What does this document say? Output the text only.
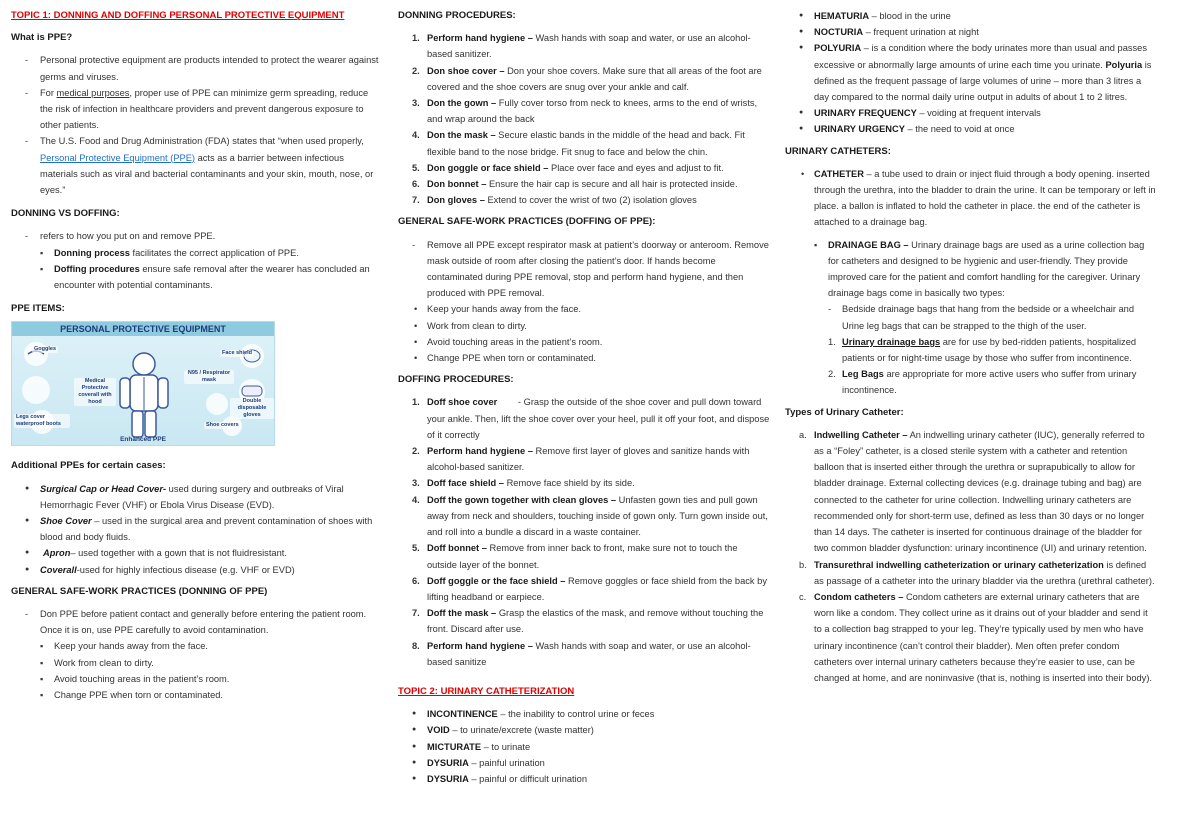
TOPIC 1: DONNING AND DOFFING PERSONAL PROTECTIVE EQUIPMENT
What is PPE?
- Personal protective equipment are products intended to protect the wearer against germs and viruses.
- For medical purposes, proper use of PPE can minimize germ spreading, reduce the risk of infection in healthcare providers and prevent dangerous exposure to other patients.
- The U.S. Food and Drug Administration (FDA) states that “when used properly, Personal Protective Equipment (PPE) acts as a barrier between infectious materials such as viral and bacterial contaminants and your skin, mouth, nose, or eyes.”
DONNING VS DOFFING:
- refers to how you put on and remove PPE.
▪ Donning process facilitates the correct application of PPE.
▪ Doffing procedures ensure safe removal after the wearer has concluded an encounter with potential contaminants.
PPE ITEMS:
PERSONAL PROTECTIVE EQUIPMENT
Goggles
Face shield
Medical Protective coverall with hood
N95 / Respirator mask
Double disposable gloves
Legs cover waterproof boots	Shoe covers
Enhanced PPE
Additional PPEs for certain cases:
● Surgical Cap or Head Cover- used during surgery and outbreaks of Viral Hemorrhagic Fever (VHF) or Ebola Virus Disease (EVD).
● Shoe Cover – used in the surgical area and prevent contamination of shoes with blood and body fluids.
● Apron– used together with a gown that is not fluidresistant.
● Coverall-used for highly infectious disease (e.g. VHF or EVD)
GENERAL SAFE-WORK PRACTICES (DONNING OF PPE)
- Don PPE before patient contact and generally before entering the patient room. Once it is on, use PPE carefully to avoid contamination.
▪ Keep your hands away from the face.
▪ Work from clean to dirty.
▪ Avoid touching areas in the patient’s room.
▪ Change PPE when torn or contaminated.
DONNING PROCEDURES:
1. Perform hand hygiene – Wash hands with soap and water, or use an alcohol-based sanitizer.
2. Don shoe cover – Don your shoe covers. Make sure that all areas of the foot are covered and the shoe covers are snug over your ankle and calf.
3. Don the gown – Fully cover torso from neck to knees, arms to the end of wrists, and wrap around the back
4. Don the mask – Secure elastic bands in the middle of the head and back. Fit flexible band to the nose bridge. Fit snug to face and below the chin.
5. Don goggle or face shield – Place over face and eyes and adjust to fit.
6. Don bonnet – Ensure the hair cap is secure and all hair is protected inside.
7. Don gloves – Extend to cover the wrist of two (2) isolation gloves
GENERAL SAFE-WORK PRACTICES (DOFFING OF PPE):
- Remove all PPE except respirator mask at patient’s doorway or anteroom. Remove mask outside of room after closing the patient’s door. If hands become contaminated during PPE removal, stop and perform hand hygiene, and then produced with PPE removal.
• Keep your hands away from the face.
• Work from clean to dirty.
• Avoid touching areas in the patient’s room.
• Change PPE when torn or contaminated.
DOFFING PROCEDURES:
1. Doff shoe cover        - Grasp the outside of the shoe cover and pull down toward your ankle. Then, lift the shoe cover over your heel, pull it off your foot, and dispose of it correctly
2. Perform hand hygiene – Remove first layer of gloves and sanitize hands with alcohol-based sanitizer.
3. Doff face shield – Remove face shield by its side.
4. Doff the gown together with clean gloves – Unfasten gown ties and pull gown away from neck and shoulders, touching inside of gown only. Turn gown inside out, and roll into a bundle a discard in a waste container.
5. Doff bonnet – Remove from inner back to front, make sure not to touch the outside layer of the bonnet.
6. Doff goggle or the face shield – Remove goggles or face shield from the back by lifting headband or earpiece.
7. Doff the mask – Grasp the elastics of the mask, and remove without touching the front. Discard after use.
8. Perform hand hygiene – Wash hands with soap and water, or use an alcohol-based sanitize
TOPIC 2: URINARY CATHETERIZATION
● INCONTINENCE – the inability to control urine or feces
● VOID – to urinate/excrete (waste matter)
● MICTURATE – to urinate
● DYSURIA – painful urination
● DYSURIA – painful or difficult urination
● HEMATURIA – blood in the urine
● NOCTURIA – frequent urination at night
● POLYURIA – is a condition where the body urinates more than usual and passes excessive or abnormally large amounts of urine each time you urinate. Polyuria is defined as the frequent passage of large volumes of urine – more than 3 litres a day compared to the normal daily urine output in adults of about 1 to 2 litres.
● URINARY FREQUENCY – voiding at frequent intervals
● URINARY URGENCY – the need to void at once
URINARY CATHETERS:
• CATHETER – a tube used to drain or inject fluid through a body opening. inserted through the urethra, into the bladder to drain the urine. It can be temporary or left in place. a ballon is inflated to hold the catheter in place. the end of the catheter is attached to a drainage bag.
▪ DRAINAGE BAG – Urinary drainage bags are used as a urine collection bag for catheters and designed to be hygienic and user-friendly. They provide improved care for the patient and comfort handling for the caregiver. Urinary drainage bags come in basically two types:
- Bedside drainage bags that hang from the bedside or a wheelchair and Urine leg bags that can be strapped to the thigh of the user.
1. Urinary drainage bags are for use by bed-ridden patients, hospitalized patients or for night-time usage by those who suffer from incontinence.
2. Leg Bags are appropriate for more active users who suffer from urinary incontinence.
Types of Urinary Catheter:
a. Indwelling Catheter – An indwelling urinary catheter (IUC), generally referred to as a “Foley” catheter, is a closed sterile system with a catheter and retention balloon that is inserted either through the urethra or suprapubically to allow for bladder drainage. External collecting devices (e.g. drainage tubing and bag) are connected to the catheter for urine collection. Indwelling urinary catheters are recommended only for short-term use, defined as less than 30 days or no longer than 14 days. The catheter is inserted for continuous drainage of the bladder for two common bladder dysfunction: urinary incontinence (UI) and urinary retention.
b. Transurethral indwelling catheterization or urinary catheterization is defined as passage of a catheter into the urinary bladder via the urethra (urethral catheter).
c. Condom catheters – Condom catheters are external urinary catheters that are worn like a condom. They collect urine as it drains out of your bladder and send it to a collection bag strapped to your leg. They’re typically used by men who have urinary incontinence (can’t control their bladder). Men often prefer condom catheters over internal urinary catheters because they’re easier to use, can be changed at home, and are noninvasive (that is, nothing is inserted into their body).
